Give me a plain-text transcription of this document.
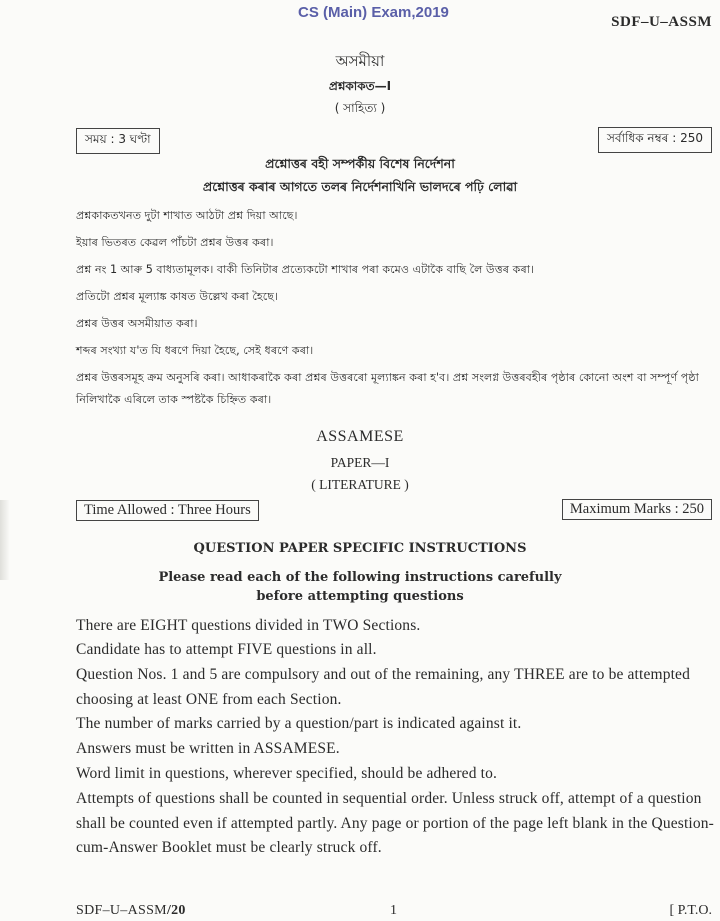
CS (Main) Exam,2019
SDF–U–ASSM
অসমীয়া
প্ৰশ্নকাকত—I
( সাহিত্য )
সময় : 3 ঘণ্টা	সৰ্বাধিক নম্বৰ : 250
প্ৰশ্নোত্তৰ বহী সম্পৰ্কীয় বিশেষ নিৰ্দেশনা
প্ৰশ্নোত্তৰ কৰাৰ আগতে তলৰ নিৰ্দেশনাখিনি ভালদৰে পঢ়ি লোৱা
প্ৰশ্নকাকতখনত দুটা শাখাত আঠটা প্ৰশ্ন দিয়া আছে।
ইয়াৰ ভিতৰত কেৱল পাঁচটা প্ৰশ্নৰ উত্তৰ কৰা।
প্ৰশ্ন নং 1 আৰু 5 বাধ্যতামূলক। বাকী তিনিটাৰ প্ৰত্যেকটো শাখাৰ পৰা কমেও এটাকৈ বাছি লৈ উত্তৰ কৰা।
প্ৰতিটো প্ৰশ্নৰ মূল্যাঙ্ক কাষত উল্লেখ কৰা হৈছে।
প্ৰশ্নৰ উত্তৰ অসমীয়াত কৰা।
শব্দৰ সংখ্যা য'ত যি ধৰণে দিয়া হৈছে, সেই ধৰণে কৰা।
প্ৰশ্নৰ উত্তৰসমূহ ক্ৰম অনুসৰি কৰা। আধাকৰাকৈ কৰা প্ৰশ্নৰ উত্তৰৰো মূল্যাঙ্কন কৰা হ'ব। প্ৰশ্ন সংলগ্ন উত্তৰবহীৰ পৃষ্ঠাৰ কোনো অংশ বা সম্পূৰ্ণ পৃষ্ঠা নিলিখাকৈ এৰিলে তাক স্পষ্টকৈ চিহ্নিত কৰা।
ASSAMESE
PAPER—I
( LITERATURE )
Time Allowed : Three Hours	Maximum Marks : 250
QUESTION PAPER SPECIFIC INSTRUCTIONS
Please read each of the following instructions carefully
before attempting questions
There are EIGHT questions divided in TWO Sections.
Candidate has to attempt FIVE questions in all.
Question Nos. 1 and 5 are compulsory and out of the remaining, any THREE are to be attempted choosing at least ONE from each Section.
The number of marks carried by a question/part is indicated against it.
Answers must be written in ASSAMESE.
Word limit in questions, wherever specified, should be adhered to.
Attempts of questions shall be counted in sequential order. Unless struck off, attempt of a question shall be counted even if attempted partly. Any page or portion of the page left blank in the Question-cum-Answer Booklet must be clearly struck off.
SDF–U–ASSM/20	1	[ P.T.O.
